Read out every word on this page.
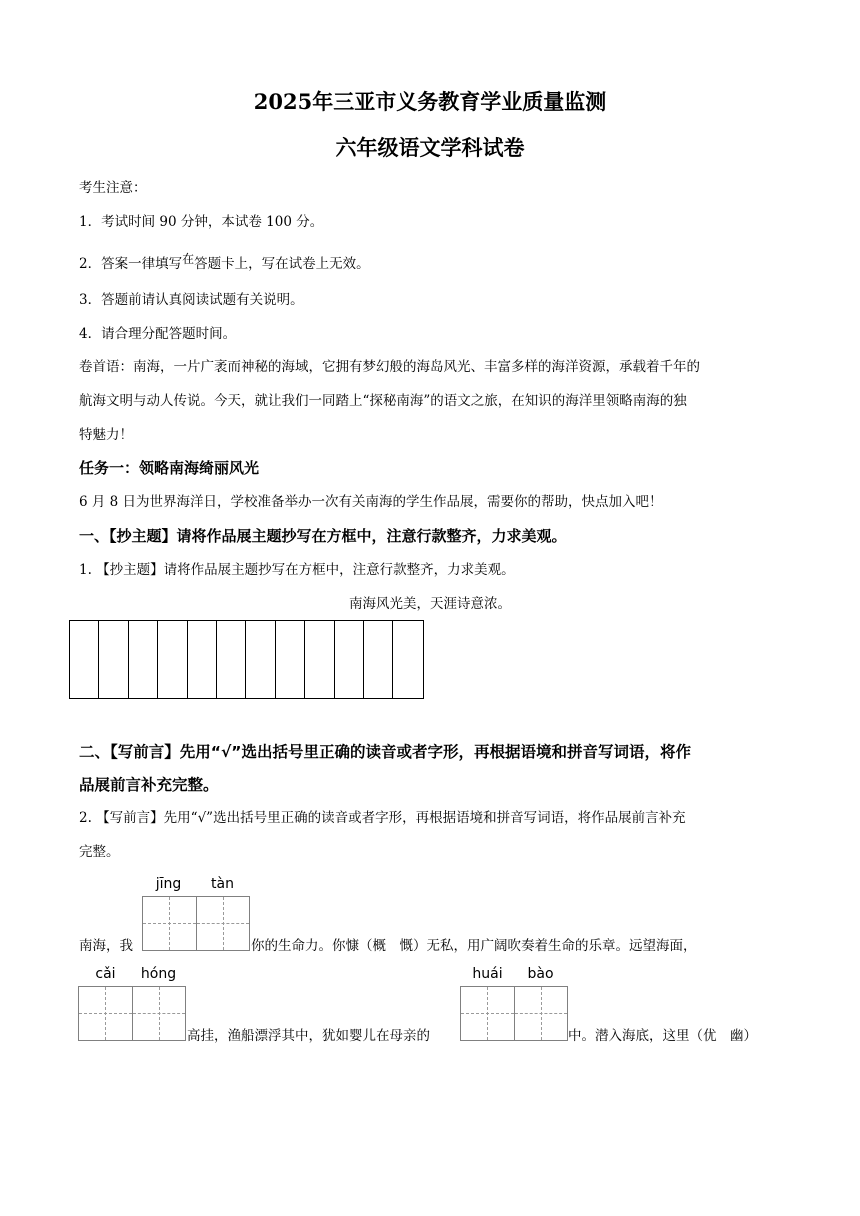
2025年三亚市义务教育学业质量监测
六年级语文学科试卷
考生注意：
1．考试时间 90 分钟，本试卷 100 分。
2．答案一律填写在答题卡上，写在试卷上无效。
3．答题前请认真阅读试题有关说明。
4．请合理分配答题时间。
卷首语：南海，一片广袤而神秘的海域，它拥有梦幻般的海岛风光、丰富多样的海洋资源，承载着千年的
航海文明与动人传说。今天，就让我们一同踏上“探秘南海”的语文之旅，在知识的海洋里领略南海的独
特魅力！
任务一：领略南海绮丽风光
6 月 8 日为世界海洋日，学校准备举办一次有关南海的学生作品展，需要你的帮助，快点加入吧！
一、【抄主题】请将作品展主题抄写在方框中，注意行款整齐，力求美观。
1. 【抄主题】请将作品展主题抄写在方框中，注意行款整齐，力求美观。
南海风光美，天涯诗意浓。
二、【写前言】先用“√”选出括号里正确的读音或者字形，再根据语境和拼音写词语，将作
品展前言补充完整。
2. 【写前言】先用“√”选出括号里正确的读音或者字形，再根据语境和拼音写词语，将作品展前言补充
完整。
jīng	tàn
南海，我	你的生命力。你慷（概　慨）无私，用广阔吹奏着生命的乐章。远望海面，
cǎi	hóng	huái	bào
高挂，渔船漂浮其中，犹如婴儿在母亲的	中。潜入海底，这里（优　幽）
